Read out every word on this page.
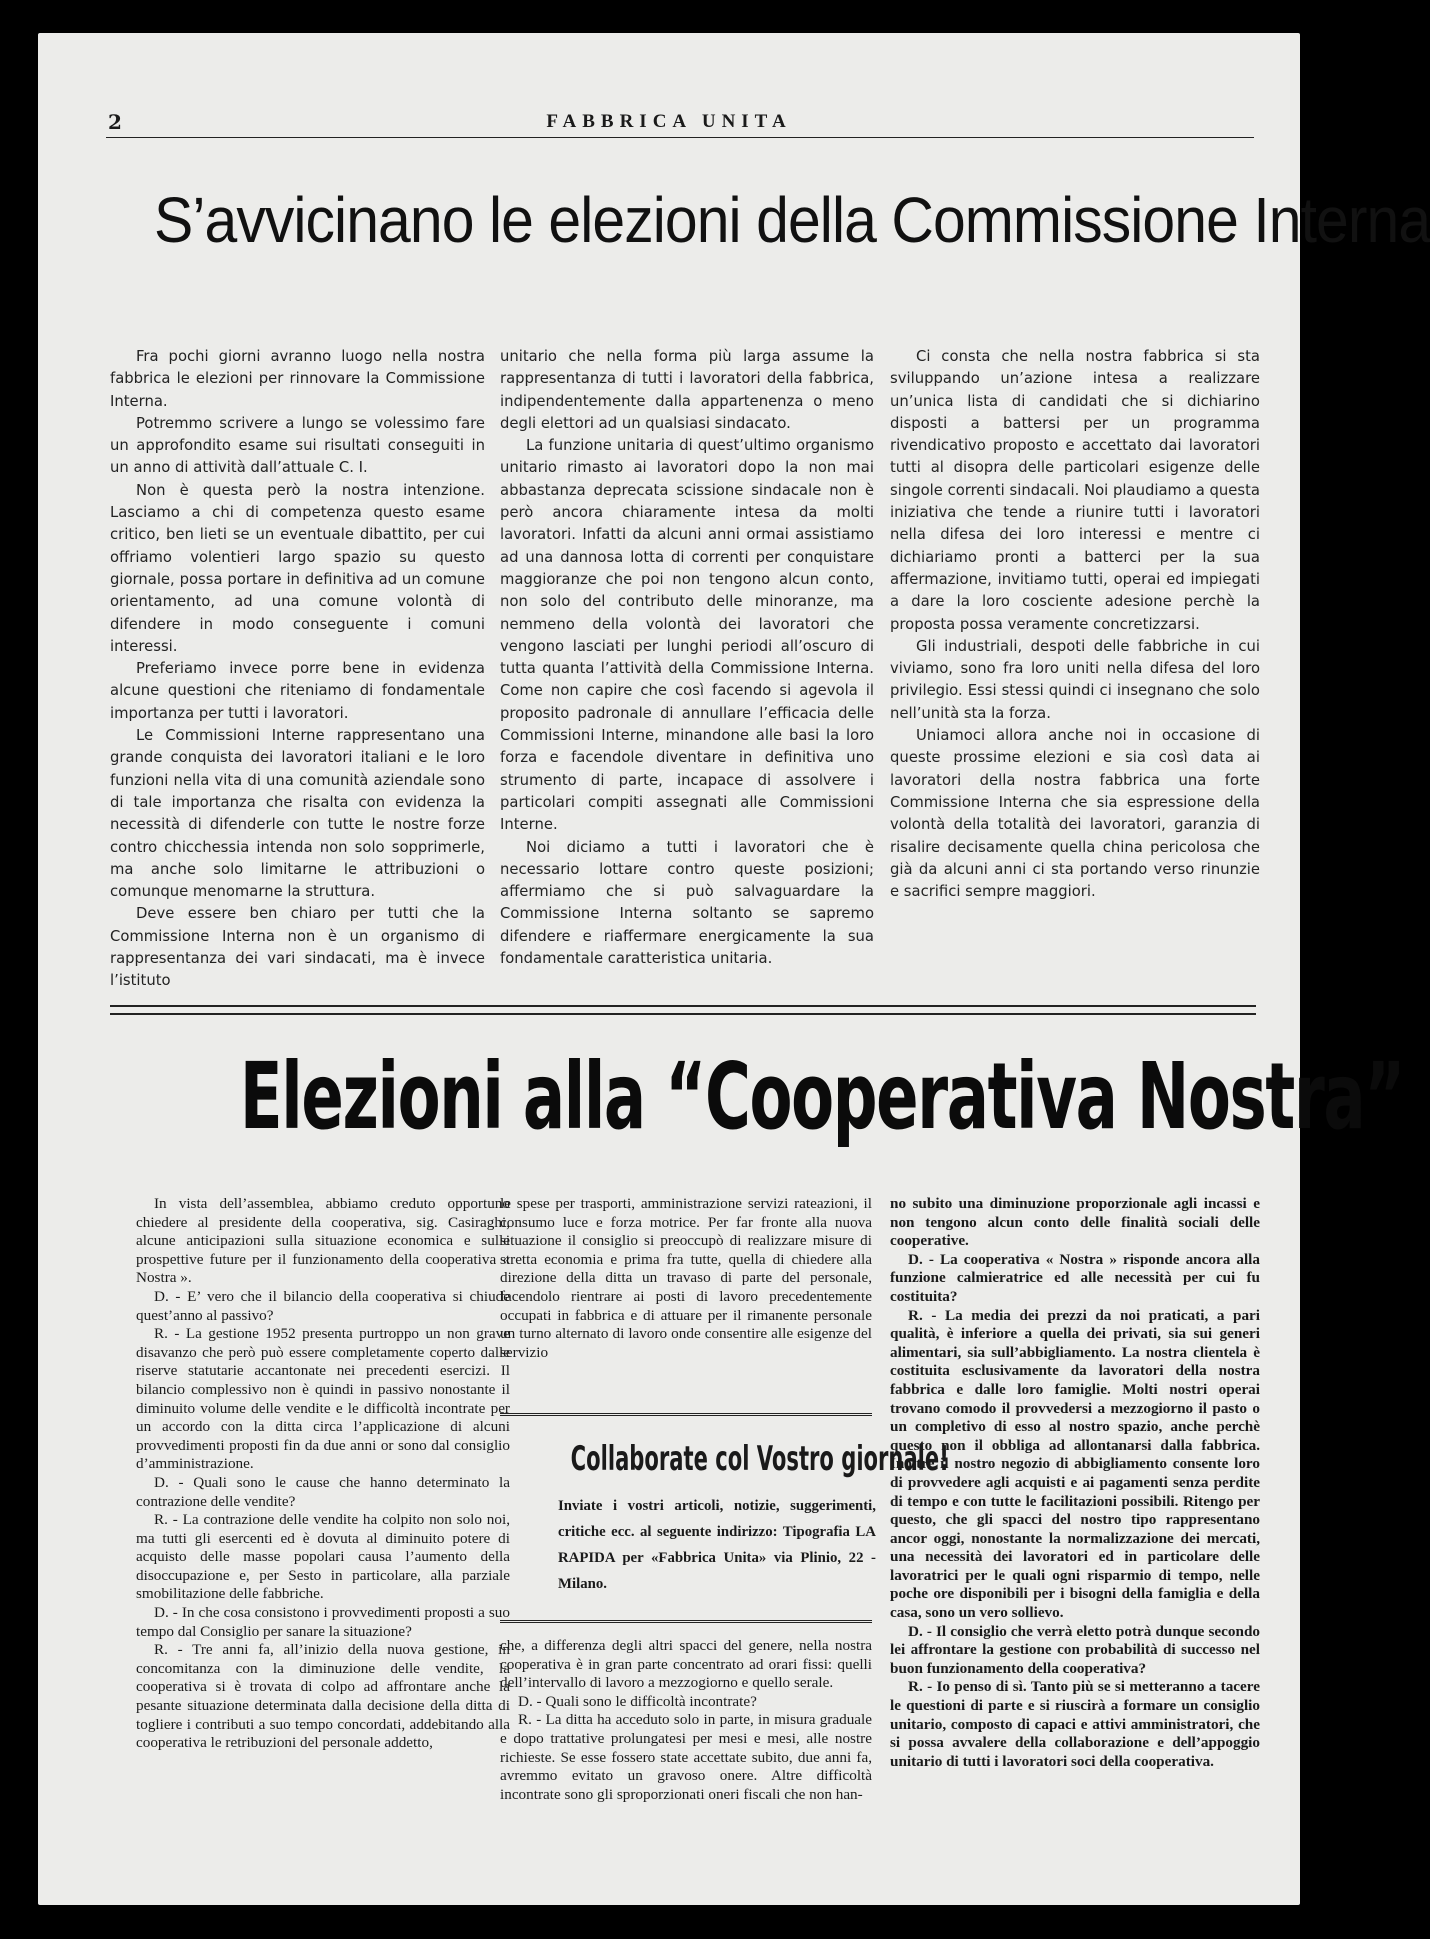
2	FABBRICA UNITA
S’avvicinano le elezioni della Commissione Interna

Fra pochi giorni avranno luogo nella nostra fabbrica le elezioni per rinnovare la Commissione Interna.

Potremmo scrivere a lungo se volessimo fare un approfondito esame sui risultati conseguiti in un anno di attività dall’attuale C. I.

Non è questa però la nostra intenzione. Lasciamo a chi di competenza questo esame critico, ben lieti se un eventuale dibattito, per cui offriamo volentieri largo spazio su questo giornale, possa portare in definitiva ad un comune orientamento, ad una comune volontà di difendere in modo conseguente i comuni interessi.

Preferiamo invece porre bene in evidenza alcune questioni che riteniamo di fondamentale importanza per tutti i lavoratori.

Le Commissioni Interne rappresentano una grande conquista dei lavoratori italiani e le loro funzioni nella vita di una comunità aziendale sono di tale importanza che risalta con evidenza la necessità di difenderle con tutte le nostre forze contro chicchessia intenda non solo sopprimerle, ma anche solo limitarne le attribuzioni o comunque menomarne la struttura.

Deve essere ben chiaro per tutti che la Commissione Interna non è un organismo di rappresentanza dei vari sindacati, ma è invece l’istituto

unitario che nella forma più larga assume la rappresentanza di tutti i lavoratori della fabbrica, indipendentemente dalla appartenenza o meno degli elettori ad un qualsiasi sindacato.

La funzione unitaria di quest’ultimo organismo unitario rimasto ai lavoratori dopo la non mai abbastanza deprecata scissione sindacale non è però ancora chiaramente intesa da molti lavoratori. Infatti da alcuni anni ormai assistiamo ad una dannosa lotta di correnti per conquistare maggioranze che poi non tengono alcun conto, non solo del contributo delle minoranze, ma nemmeno della volontà dei lavoratori che vengono lasciati per lunghi periodi all’oscuro di tutta quanta l’attività della Commissione Interna. Come non capire che così facendo si agevola il proposito padronale di annullare l’efficacia delle Commissioni Interne, minandone alle basi la loro forza e facendole diventare in definitiva uno strumento di parte, incapace di assolvere i particolari compiti assegnati alle Commissioni Interne.

Noi diciamo a tutti i lavoratori che è necessario lottare contro queste posizioni; affermiamo che si può salvaguardare la Commissione Interna soltanto se sapremo difendere e riaffermare energicamente la sua fondamentale caratteristica unitaria.

Ci consta che nella nostra fabbrica si sta sviluppando un’azione intesa a realizzare un’unica lista di candidati che si dichiarino disposti a battersi per un programma rivendicativo proposto e accettato dai lavoratori tutti al disopra delle particolari esigenze delle singole correnti sindacali. Noi plaudiamo a questa iniziativa che tende a riunire tutti i lavoratori nella difesa dei loro interessi e mentre ci dichiariamo pronti a batterci per la sua affermazione, invitiamo tutti, operai ed impiegati a dare la loro cosciente adesione perchè la proposta possa veramente concretizzarsi.

Gli industriali, despoti delle fabbriche in cui viviamo, sono fra loro uniti nella difesa del loro privilegio. Essi stessi quindi ci insegnano che solo nell’unità sta la forza.

Uniamoci allora anche noi in occasione di queste prossime elezioni e sia così data ai lavoratori della nostra fabbrica una forte Commissione Interna che sia espressione della volontà della totalità dei lavoratori, garanzia di risalire decisamente quella china pericolosa che già da alcuni anni ci sta portando verso rinunzie e sacrifici sempre maggiori.

Elezioni alla “Cooperativa Nostra”

In vista dell’assemblea, abbiamo creduto opportuno chiedere al presidente della cooperativa, sig. Casiraghi, alcune anticipazioni sulla situazione economica e sulle prospettive future per il funzionamento della cooperativa « Nostra ».

D. - E’ vero che il bilancio della cooperativa si chiude quest’anno al passivo?

R. - La gestione 1952 presenta purtroppo un non grave disavanzo che però può essere completamente coperto dalle riserve statutarie accantonate nei precedenti esercizi. Il bilancio complessivo non è quindi in passivo nonostante il diminuito volume delle vendite e le difficoltà incontrate per un accordo con la ditta circa l’applicazione di alcuni provvedimenti proposti fin da due anni or sono dal consiglio d’amministrazione.

D. - Quali sono le cause che hanno determinato la contrazione delle vendite?

R. - La contrazione delle vendite ha colpito non solo noi, ma tutti gli esercenti ed è dovuta al diminuito potere di acquisto delle masse popolari causa l’aumento della disoccupazione e, per Sesto in particolare, alla parziale smobilitazione delle fabbriche.

D. - In che cosa consistono i provvedimenti proposti a suo tempo dal Consiglio per sanare la situazione?

R. - Tre anni fa, all’inizio della nuova gestione, in concomitanza con la diminuzione delle vendite, la cooperativa si è trovata di colpo ad affrontare anche la pesante situazione determinata dalla decisione della ditta di togliere i contributi a suo tempo concordati, addebitando alla cooperativa le retribuzioni del personale addetto,

le spese per trasporti, amministrazione servizi rateazioni, il consumo luce e forza motrice. Per far fronte alla nuova situazione il consiglio si preoccupò di realizzare misure di stretta economia e prima fra tutte, quella di chiedere alla direzione della ditta un travaso di parte del personale, facendolo rientrare ai posti di lavoro precedentemente occupati in fabbrica e di attuare per il rimanente personale un turno alternato di lavoro onde consentire alle esigenze del servizio

Collaborate col Vostro giornale!
Inviate i vostri articoli, notizie, suggerimenti, critiche ecc. al seguente indirizzo: Tipografia LA RAPIDA per «Fabbrica Unita» via Plinio, 22 - Milano.

che, a differenza degli altri spacci del genere, nella nostra cooperativa è in gran parte concentrato ad orari fissi: quelli dell’intervallo di lavoro a mezzogiorno e quello serale.

D. - Quali sono le difficoltà incontrate?

R. - La ditta ha acceduto solo in parte, in misura graduale e dopo trattative prolungatesi per mesi e mesi, alle nostre richieste. Se esse fossero state accettate subito, due anni fa, avremmo evitato un gravoso onere. Altre difficoltà incontrate sono gli sproporzionati oneri fiscali che non han-

no subito una diminuzione proporzionale agli incassi e non tengono alcun conto delle finalità sociali delle cooperative.

D. - La cooperativa « Nostra » risponde ancora alla funzione calmieratrice ed alle necessità per cui fu costituita?

R. - La media dei prezzi da noi praticati, a pari qualità, è inferiore a quella dei privati, sia sui generi alimentari, sia sull’abbigliamento. La nostra clientela è costituita esclusivamente da lavoratori della nostra fabbrica e dalle loro famiglie. Molti nostri operai trovano comodo il provvedersi a mezzogiorno il pasto o un completivo di esso al nostro spazio, anche perchè questo non il obbliga ad allontanarsi dalla fabbrica. Inoltre il nostro negozio di abbigliamento consente loro di provvedere agli acquisti e ai pagamenti senza perdite di tempo e con tutte le facilitazioni possibili. Ritengo per questo, che gli spacci del nostro tipo rappresentano ancor oggi, nonostante la normalizzazione dei mercati, una necessità dei lavoratori ed in particolare delle lavoratrici per le quali ogni risparmio di tempo, nelle poche ore disponibili per i bisogni della famiglia e della casa, sono un vero sollievo.

D. - Il consiglio che verrà eletto potrà dunque secondo lei affrontare la gestione con probabilità di successo nel buon funzionamento della cooperativa?

R. - Io penso di sì. Tanto più se si metteranno a tacere le questioni di parte e si riuscirà a formare un consiglio unitario, composto di capaci e attivi amministratori, che si possa avvalere della collaborazione e dell’appoggio unitario di tutti i lavoratori soci della cooperativa.
